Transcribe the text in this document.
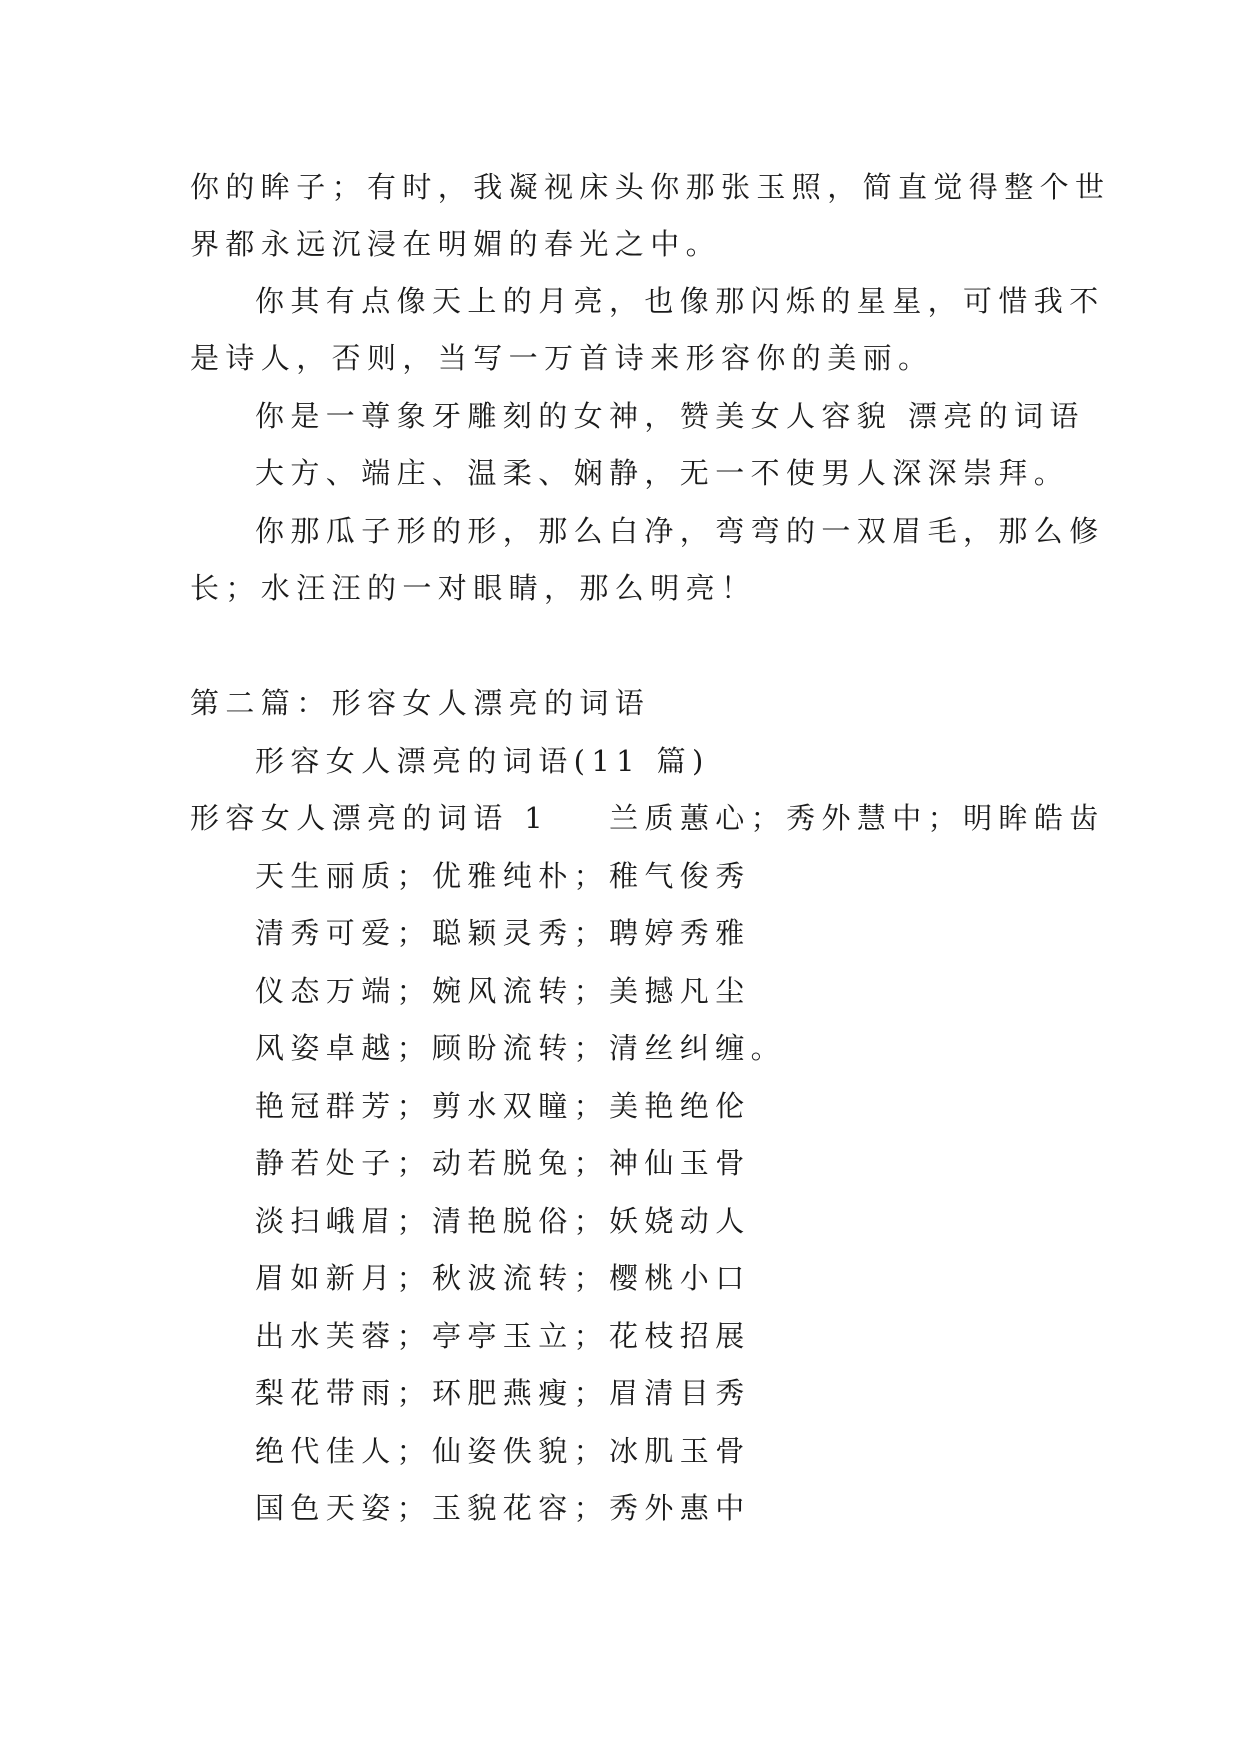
你的眸子；有时，我凝视床头你那张玉照，简直觉得整个世
界都永远沉浸在明媚的春光之中。
你其有点像天上的月亮，也像那闪烁的星星，可惜我不
是诗人，否则，当写一万首诗来形容你的美丽。
你是一尊象牙雕刻的女神，赞美女人容貌 漂亮的词语
大方、端庄、温柔、娴静，无一不使男人深深崇拜。
你那瓜子形的形，那么白净，弯弯的一双眉毛，那么修
长；水汪汪的一对眼睛，那么明亮！
第二篇：形容女人漂亮的词语
形容女人漂亮的词语(11 篇)
形容女人漂亮的词语 1 兰质蕙心；秀外慧中；明眸皓齿
天生丽质；优雅纯朴；稚气俊秀
清秀可爱；聪颖灵秀；聘婷秀雅
仪态万端；婉风流转；美撼凡尘
风姿卓越；顾盼流转；清丝纠缠。
艳冠群芳；剪水双瞳；美艳绝伦
静若处子；动若脱兔；神仙玉骨
淡扫峨眉；清艳脱俗；妖娆动人
眉如新月；秋波流转；樱桃小口
出水芙蓉；亭亭玉立；花枝招展
梨花带雨；环肥燕瘦；眉清目秀
绝代佳人；仙姿佚貌；冰肌玉骨
国色天姿；玉貌花容；秀外惠中
